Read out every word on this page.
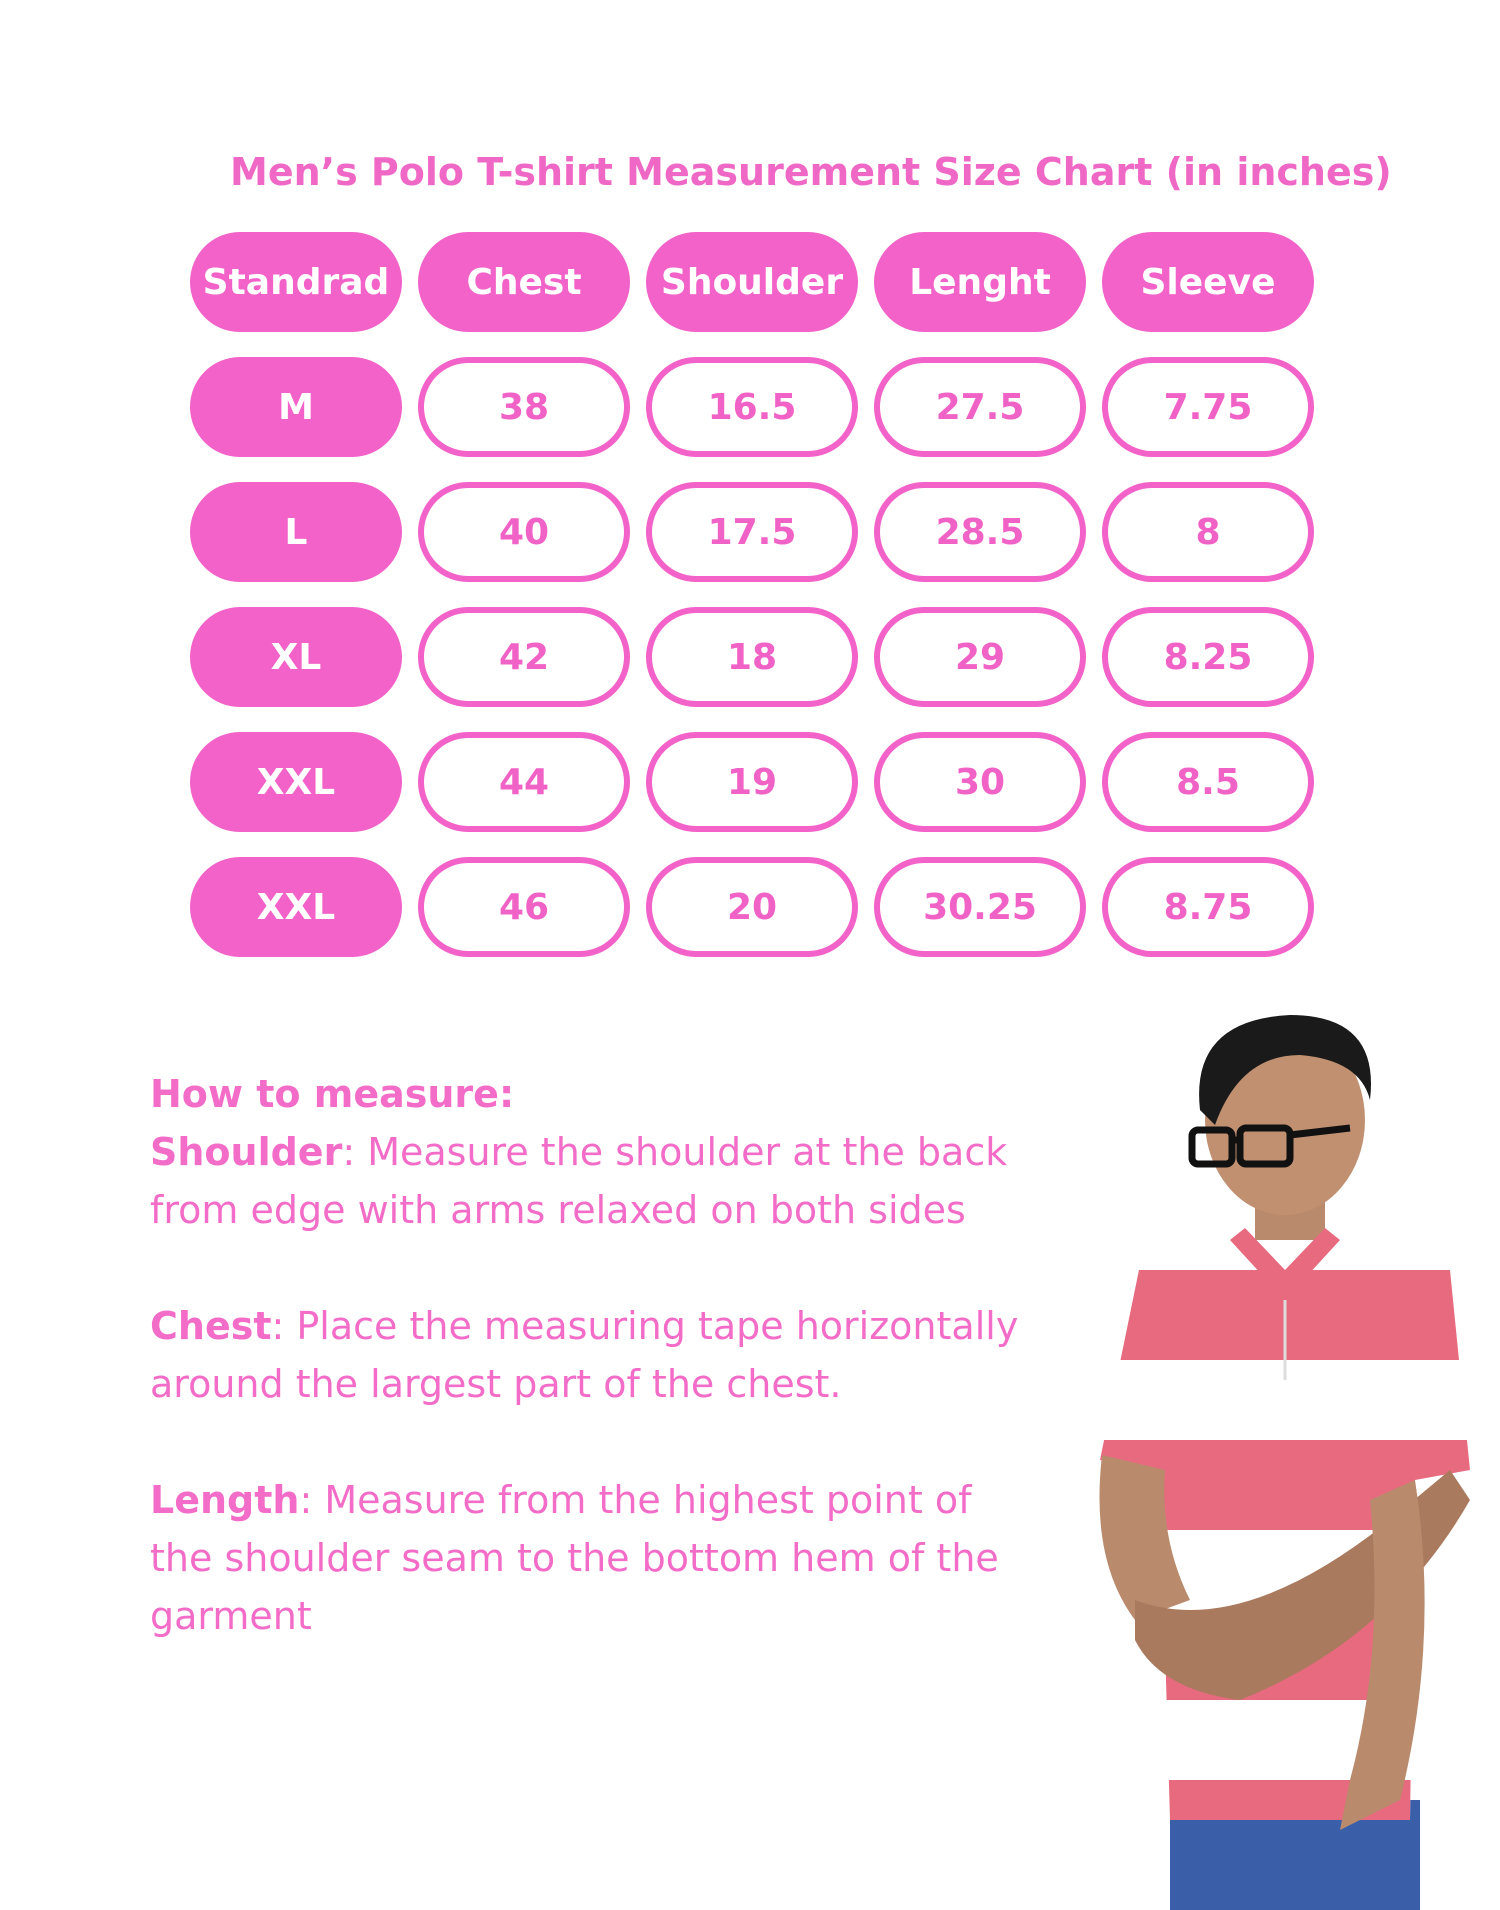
Men’s Polo T-shirt Measurement Size Chart (in inches)
Standrad	Chest	Shoulder	Lenght	Sleeve
M	38	16.5	27.5	7.75
L	40	17.5	28.5	8
XL	42	18	29	8.25
XXL	44	19	30	8.5
XXL	46	20	30.25	8.75
How to measure:

Shoulder: Measure the shoulder at the back from edge with arms relaxed on both sides

Chest: Place the measuring tape horizontally around the largest part of the chest.

Length: Measure from the highest point of the shoulder seam to the bottom hem of the garment
